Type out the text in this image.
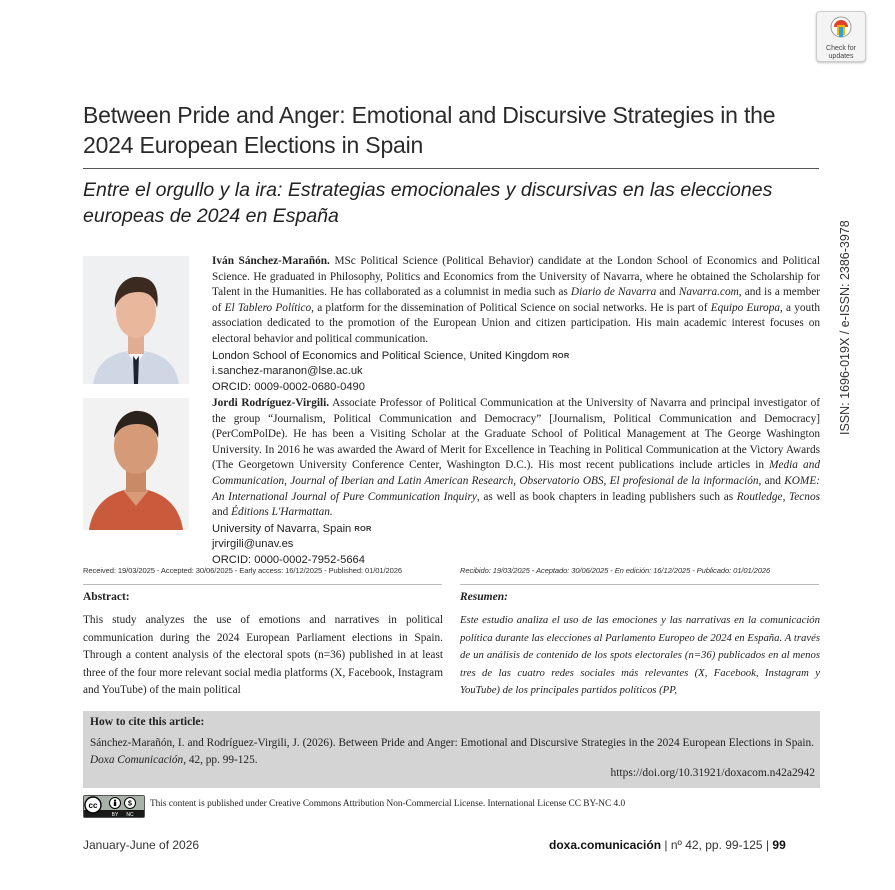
Check for
updates
Between Pride and Anger: Emotional and Discursive Strategies in the
2024 European Elections in Spain
Entre el orgullo y la ira: Estrategias emocionales y discursivas en las elecciones
europeas de 2024 en España
ISSN: 1696-019X / e-ISSN: 2386-3978
Iván Sánchez-Marañón. MSc Political Science (Political Behavior) candidate at the London School of Economics and Political Science. He graduated in Philosophy, Politics and Economics from the University of Navarra, where he obtained the Scholarship for Talent in the Humanities. He has collaborated as a columnist in media such as Diario de Navarra and Navarra.com, and is a member of El Tablero Político, a platform for the dissemination of Political Science on social networks. He is part of Equipo Europa, a youth association dedicated to the promotion of the European Union and citizen participation. His main academic interest focuses on electoral behavior and political communication.
London School of Economics and Political Science, United Kingdom ROR
i.sanchez-maranon@lse.ac.uk
ORCID: 0009-0002-0680-0490
Jordi Rodríguez-Virgili. Associate Professor of Political Communication at the University of Navarra and principal investigator of the group “Journalism, Political Communication and Democracy” [Journalism, Political Communication and Democracy] (PerComPolDe). He has been a Visiting Scholar at the Graduate School of Political Management at The George Washington University. In 2016 he was awarded the Award of Merit for Excellence in Teaching in Political Communication at the Victory Awards (The Georgetown University Conference Center, Washington D.C.). His most recent publications include articles in Media and Communication, Journal of Iberian and Latin American Research, Observatorio OBS, El profesional de la información, and KOME: An International Journal of Pure Communication Inquiry, as well as book chapters in leading publishers such as Routledge, Tecnos and Éditions L'Harmattan.
University of Navarra, Spain ROR
jrvirgili@unav.es
ORCID: 0000-0002-7952-5664
Received: 19/03/2025 - Accepted: 30/06/2025 - Early access: 16/12/2025 - Published: 01/01/2026	Recibido: 19/03/2025 - Aceptado: 30/06/2025 - En edición: 16/12/2025 - Publicado: 01/01/2026
Abstract:	Resumen:
This study analyzes the use of emotions and narratives in political communication during the 2024 European Parliament elections in Spain. Through a content analysis of the electoral spots (n=36) published in at least three of the four more relevant social media platforms (X, Facebook, Instagram and YouTube) of the main political
Este estudio analiza el uso de las emociones y las narrativas en la comunicación política durante las elecciones al Parlamento Europeo de 2024 en España. A través de un análisis de contenido de los spots electorales (n=36) publicados en al menos tres de las cuatro redes sociales más relevantes (X, Facebook, Instagram y YouTube) de los principales partidos políticos (PP,
How to cite this article:
Sánchez-Marañón, I. and Rodríguez-Virgili, J. (2026). Between Pride and Anger: Emotional and Discursive Strategies in the 2024 European Elections in Spain. Doxa Comunicación, 42, pp. 99-125.
https://doi.org/10.31921/doxacom.n42a2942
cc	$
BY NC
This content is published under Creative Commons Attribution Non-Commercial License. International License CC BY-NC 4.0
January-June of 2026	doxa.comunicación | nº 42, pp. 99-125 | 99
